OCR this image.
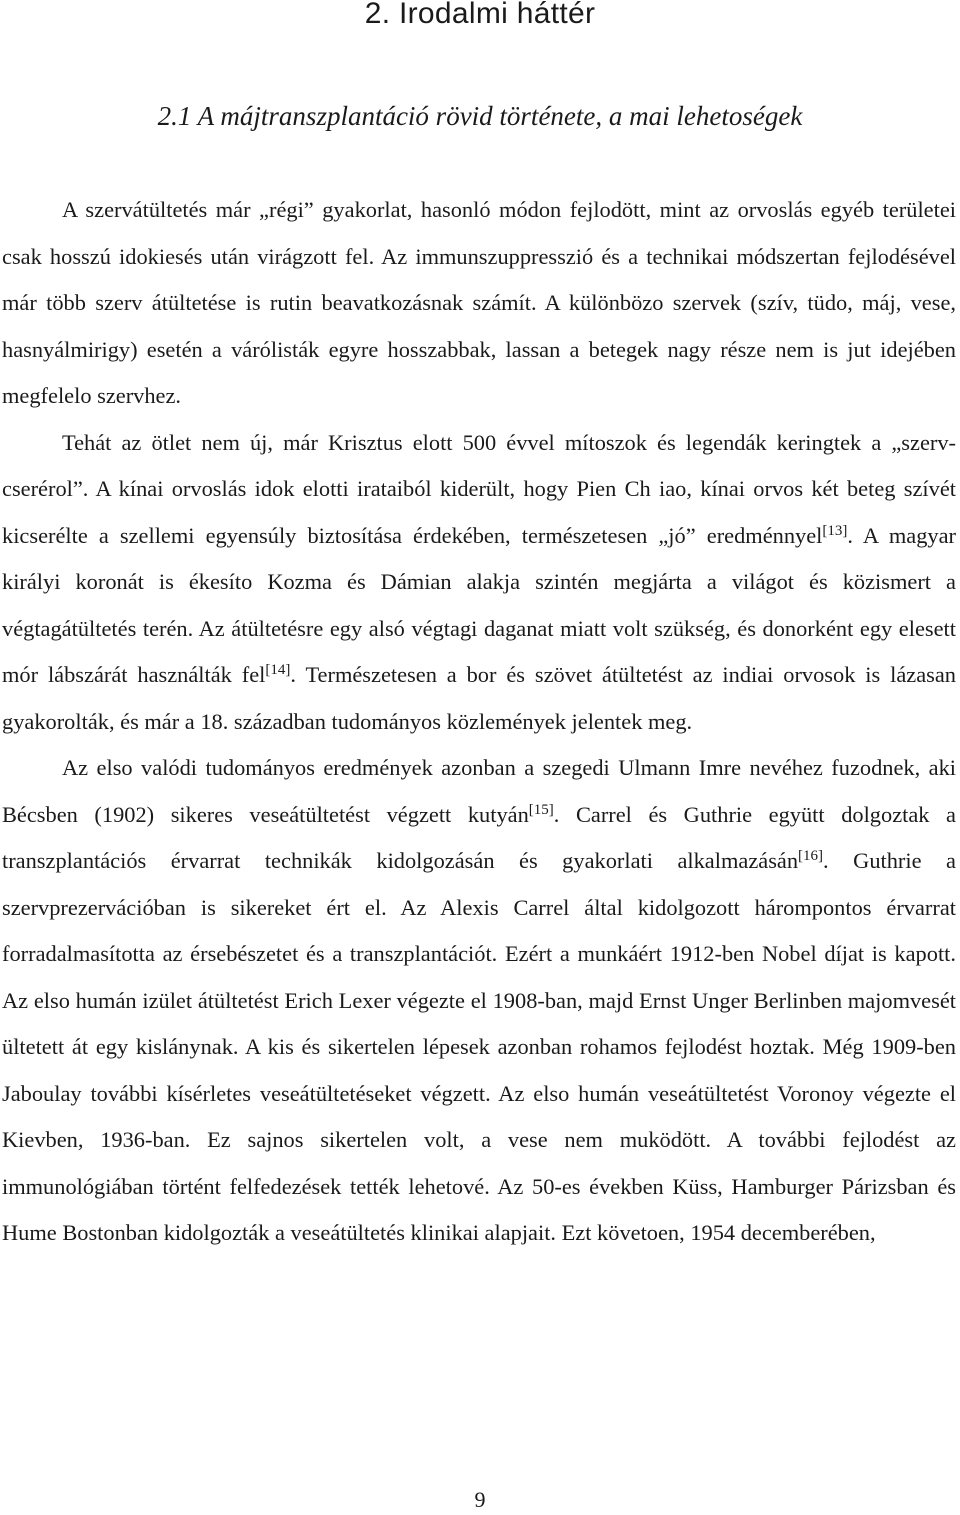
2. Irodalmi háttér
2.1 A májtranszplantáció rövid története, a mai lehetoségek

A szervátültetés már „régi” gyakorlat, hasonló módon fejlodött, mint az orvoslás egyéb területei csak hosszú idokiesés után virágzott fel. Az immunszuppresszió és a technikai módszertan fejlodésével már több szerv átültetése is rutin beavatkozásnak számít. A különbözo szervek (szív, tüdo, máj, vese, hasnyálmirigy) esetén a várólisták egyre hosszabbak, lassan a betegek nagy része nem is jut idejében megfelelo szervhez.

Tehát az ötlet nem új, már Krisztus elott 500 évvel mítoszok és legendák keringtek a „szerv-cserérol”. A kínai orvoslás idok elotti irataiból kiderült, hogy Pien Ch iao, kínai orvos két beteg szívét kicserélte a szellemi egyensúly biztosítása érdekében, természetesen „jó” eredménnyel[13]. A magyar királyi koronát is ékesíto Kozma és Dámian alakja szintén megjárta a világot és közismert a végtagátültetés terén. Az átültetésre egy alsó végtagi daganat miatt volt szükség, és donorként egy elesett mór lábszárát használták fel[14]. Természetesen a bor és szövet átültetést az indiai orvosok is lázasan gyakorolták, és már a 18. században tudományos közlemények jelentek meg.

Az elso valódi tudományos eredmények azonban a szegedi Ulmann Imre nevéhez fuzodnek, aki Bécsben (1902) sikeres veseátültetést végzett kutyán[15]. Carrel és Guthrie együtt dolgoztak a transzplantációs érvarrat technikák kidolgozásán és gyakorlati alkalmazásán[16]. Guthrie a szervprezervációban is sikereket ért el. Az Alexis Carrel által kidolgozott hárompontos érvarrat forradalmasította az érsebészetet és a transzplantációt. Ezért a munkáért 1912-ben Nobel díjat is kapott. Az elso humán izület átültetést Erich Lexer végezte el 1908-ban, majd Ernst Unger Berlinben majomvesét ültetett át egy kislánynak. A kis és sikertelen lépesek azonban rohamos fejlodést hoztak. Még 1909-ben Jaboulay további kísérletes veseátültetéseket végzett. Az elso humán veseátültetést Voronoy végezte el Kievben, 1936-ban. Ez sajnos sikertelen volt, a vese nem muködött. A további fejlodést az immunológiában történt felfedezések tették lehetové. Az 50-es években Küss, Hamburger Párizsban és Hume Bostonban kidolgozták a veseátültetés klinikai alapjait. Ezt követoen, 1954 decemberében,

9
